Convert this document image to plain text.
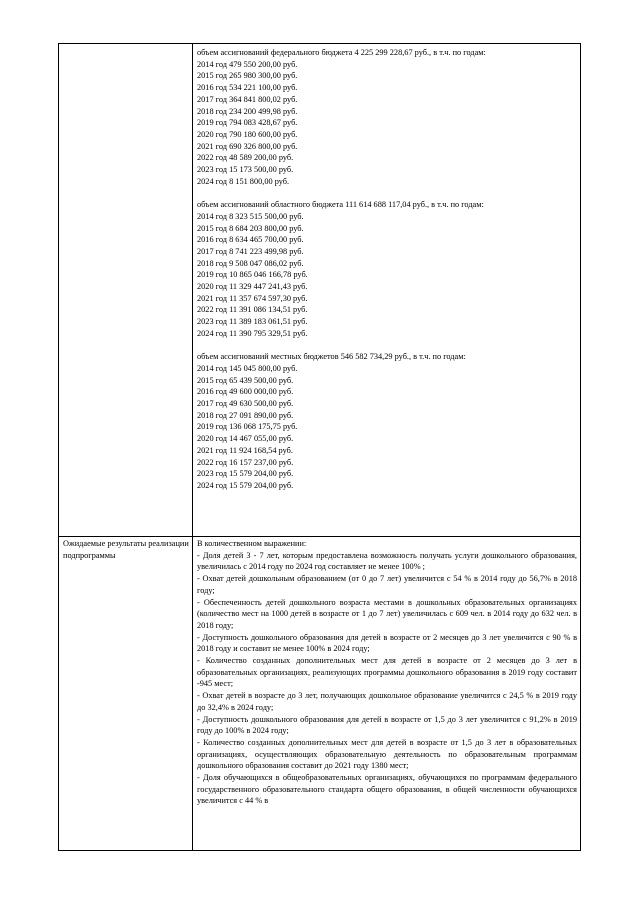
объем ассигнований федерального бюджета 4 225 299 228,67 руб., в т.ч. по годам:
2014 год 479 550 200,00 руб.
2015 год 265 980 300,00 руб.
2016 год 534 221 100,00 руб.
2017 год 364 841 800,02 руб.
2018 год 234 200 499,98 руб.
2019 год 794 083 428,67 руб.
2020 год 790 180 600,00 руб.
2021 год 690 326 800,00 руб.
2022 год 48 589 200,00 руб.
2023 год 15 173 500,00 руб.
2024 год 8 151 800,00 руб.
объем ассигнований областного бюджета 111 614 688 117,04 руб., в т.ч. по годам:
2014 год 8 323 515 500,00 руб.
2015 год 8 684 203 800,00 руб.
2016 год 8 634 465 700,00 руб.
2017 год 8 741 223 499,98 руб.
2018 год 9 508 047 086,02 руб.
2019 год 10 865 046 166,78 руб.
2020 год 11 329 447 241,43 руб.
2021 год 11 357 674 597,30 руб.
2022 год 11 391 086 134,51 руб.
2023 год 11 389 183 061,51 руб.
2024 год 11 390 795 329,51 руб.
объем ассигнований местных бюджетов 546 582 734,29 руб., в т.ч. по годам:
2014 год 145 045 800,00 руб.
2015 год 65 439 500,00 руб.
2016 год 49 600 000,00 руб.
2017 год 49 630 500,00 руб.
2018 год 27 091 890,00 руб.
2019 год 136 068 175,75 руб.
2020 год 14 467 055,00 руб.
2021 год 11 924 168,54 руб.
2022 год 16 157 237,00 руб.
2023 год 15 579 204,00 руб.
2024 год 15 579 204,00 руб.
Ожидаемые результаты реализации подпрограммы
В количественном выражении:
- Доля детей 3 - 7 лет, которым предоставлена возможность получать услуги дошкольного образования, увеличилась с 2014 году по 2024 год составляет не менее 100% ;
- Охват детей дошкольным образованием (от 0 до 7 лет) увеличится с 54 % в 2014 году до 56,7% в 2018 году;
- Обеспеченность детей дошкольного возраста местами в дошкольных образовательных организациях (количество мест на 1000 детей в возрасте от 1 до 7 лет) увеличилась с 609 чел. в 2014 году до 632 чел. в 2018 году;
- Доступность дошкольного образования для детей в возрасте от 2 месяцев до 3 лет увеличится с 90 % в 2018 году и составит не менее 100% в 2024 году;
- Количество созданных дополнительных мест для детей в возрасте от 2 месяцев до 3 лет в образовательных организациях, реализующих программы дошкольного образования в 2019 году составит -945 мест;
- Охват детей в возрасте до 3 лет, получающих дошкольное образование увеличится с 24,5 % в 2019 году до 32,4% в 2024 году;
- Доступность дошкольного образования для детей в возрасте от 1,5 до 3 лет увеличится с 91,2% в 2019 году до 100% в 2024 году;
- Количество созданных дополнительных мест для детей в возрасте от 1,5 до 3 лет в образовательных организациях, осуществляющих образовательную деятельность по образовательным программам дошкольного образования составит до 2021 году 1380 мест;
- Доля обучающихся в общеобразовательных организациях, обучающихся по программам федерального государственного образовательного стандарта общего образования, в общей численности обучающихся увеличится с 44 % в
